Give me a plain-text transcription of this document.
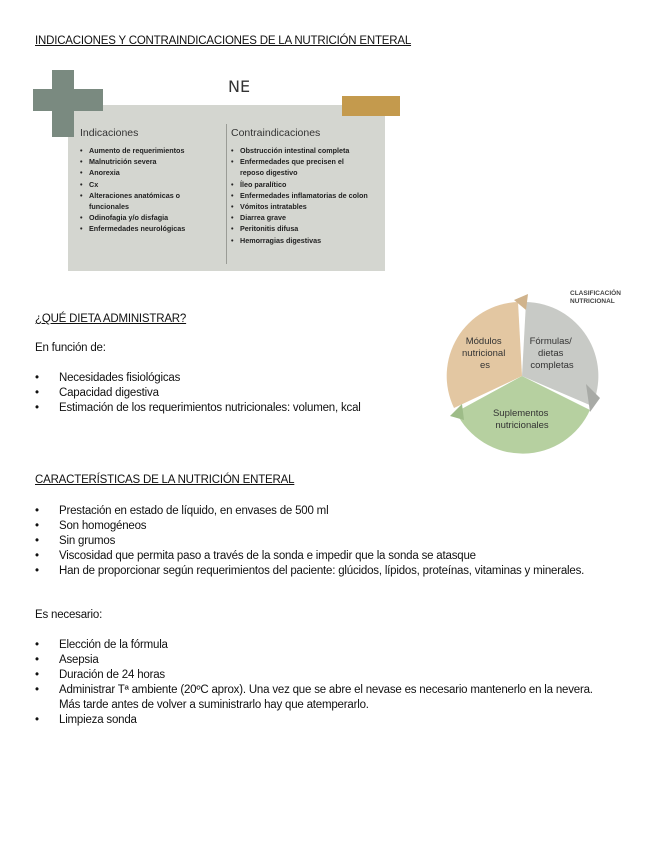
INDICACIONES Y CONTRAINDICACIONES DE LA NUTRICIÓN ENTERAL
NE
Indicaciones
• Aumento de requerimientos
• Malnutrición severa
• Anorexia
• Cx
• Alteraciones anatómicas o funcionales
• Odinofagia y/o disfagia
• Enfermedades neurológicas
Contraindicaciones
• Obstrucción intestinal completa
• Enfermedades que precisen el reposo digestivo
• Íleo paralítico
• Enfermedades inflamatorias de colon
• Vómitos intratables
• Diarrea grave
• Peritonitis difusa
• Hemorragias digestivas
¿QUÉ DIETA ADMINISTRAR?
En función de:
• Necesidades fisiológicas
• Capacidad digestiva
• Estimación de los requerimientos nutricionales: volumen, kcal
CLASIFICACIÓN
NUTRICIONAL
Fórmulas/ dietas completas
Suplementos nutricionales
Módulos nutricional es
CARACTERÍSTICAS DE LA NUTRICIÓN ENTERAL
• Prestación en estado de líquido, en envases de 500 ml
• Son homogéneos
• Sin grumos
• Viscosidad que permita paso a través de la sonda e impedir que la sonda se atasque
• Han de proporcionar según requerimientos del paciente: glúcidos, lípidos, proteínas, vitaminas y minerales.
Es necesario:
• Elección de la fórmula
• Asepsia
• Duración de 24 horas
• Administrar Tª ambiente (20ºC aprox). Una vez que se abre el nevase es necesario mantenerlo en la nevera. Más tarde antes de volver a suministrarlo hay que atemperarlo.
• Limpieza sonda
